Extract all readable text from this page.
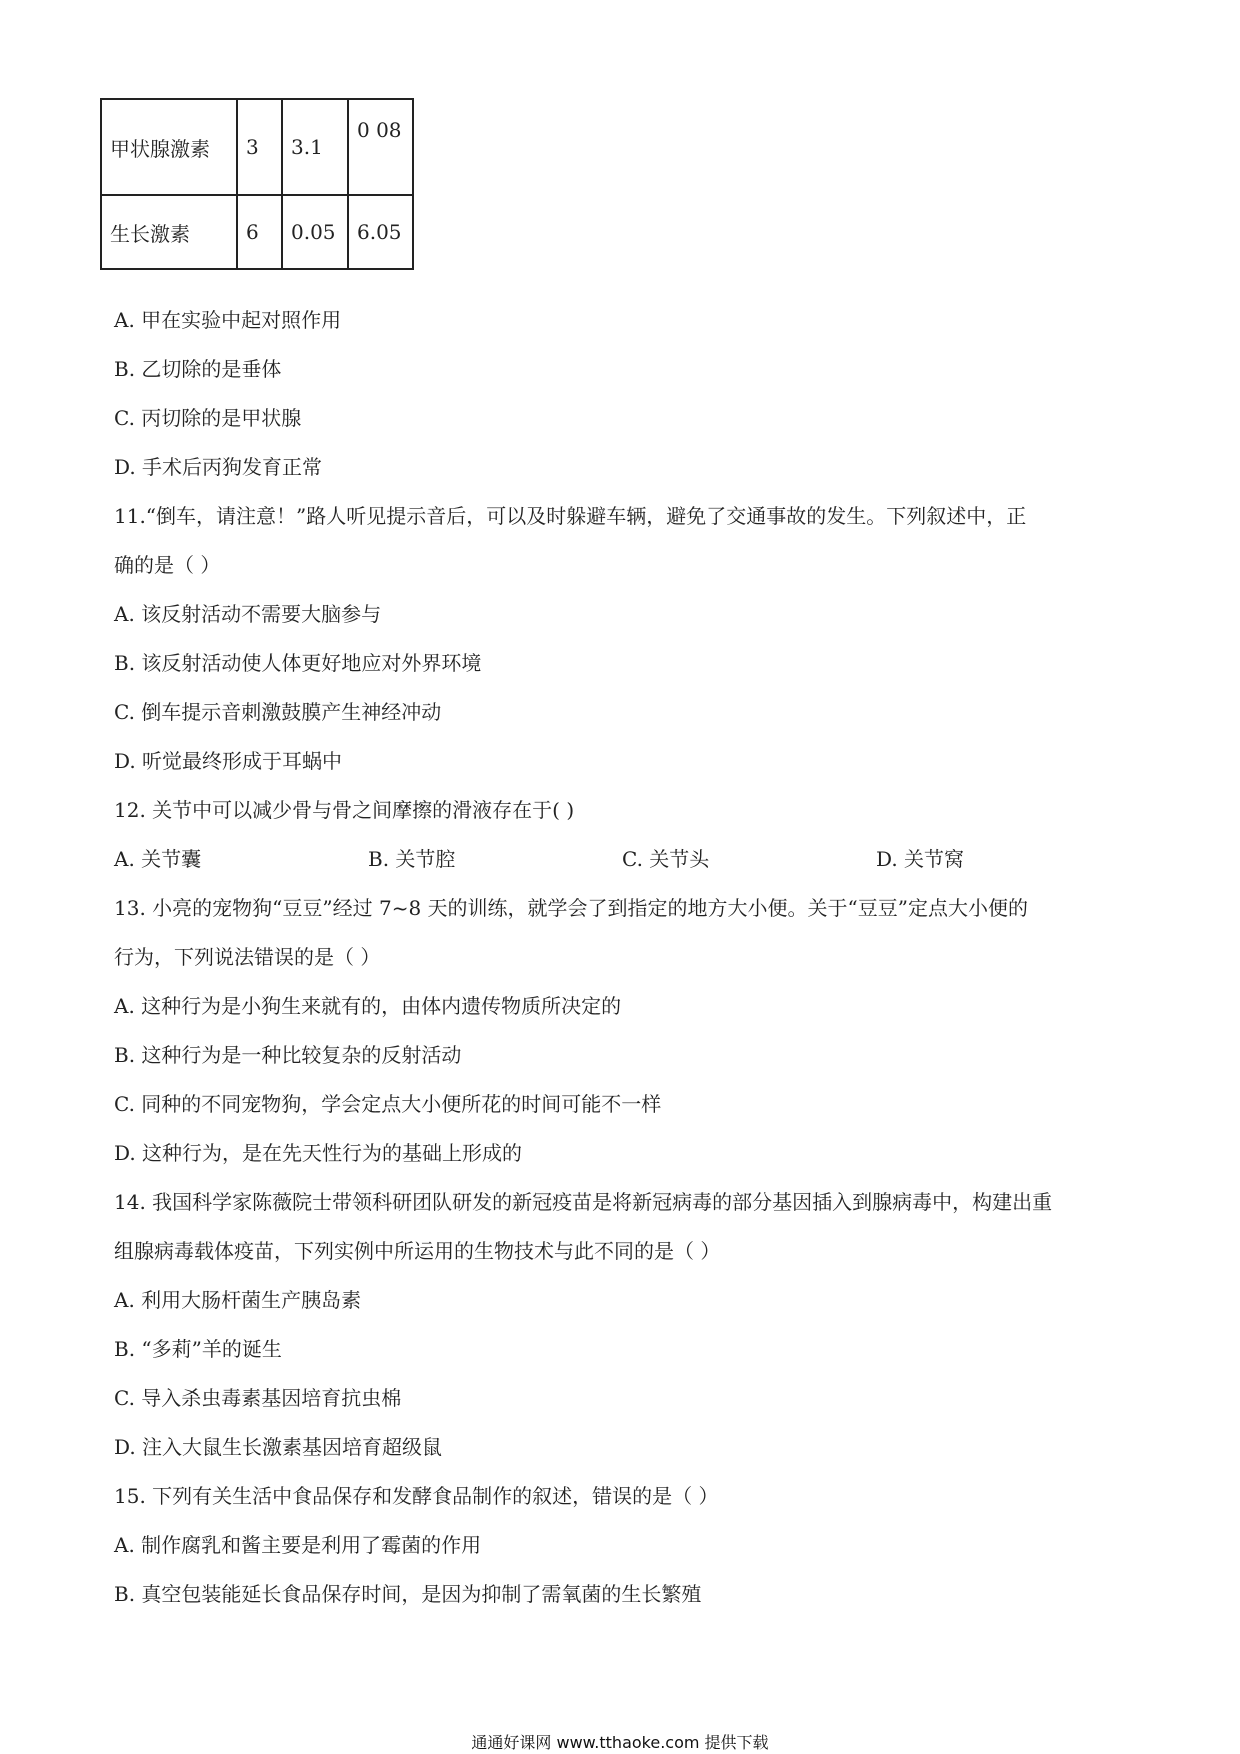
甲状腺激素	3	3.1	0 08
生长激素	6	0.05	6.05
A. 甲在实验中起对照作用
B. 乙切除的是垂体
C. 丙切除的是甲状腺
D. 手术后丙狗发育正常
11.“倒车，请注意！”路人听见提示音后，可以及时躲避车辆，避免了交通事故的发生。下列叙述中，正
确的是（ ）
A. 该反射活动不需要大脑参与
B. 该反射活动使人体更好地应对外界环境
C. 倒车提示音刺激鼓膜产生神经冲动
D. 听觉最终形成于耳蜗中
12. 关节中可以减少骨与骨之间摩擦的滑液存在于( )
A. 关节囊	B. 关节腔	C. 关节头	D. 关节窝
13. 小亮的宠物狗“豆豆”经过 7~8 天的训练，就学会了到指定的地方大小便。关于“豆豆”定点大小便的
行为，下列说法错误的是（ ）
A. 这种行为是小狗生来就有的，由体内遗传物质所决定的
B. 这种行为是一种比较复杂的反射活动
C. 同种的不同宠物狗，学会定点大小便所花的时间可能不一样
D. 这种行为，是在先天性行为的基础上形成的
14. 我国科学家陈薇院士带领科研团队研发的新冠疫苗是将新冠病毒的部分基因插入到腺病毒中，构建出重
组腺病毒载体疫苗，下列实例中所运用的生物技术与此不同的是（ ）
A. 利用大肠杆菌生产胰岛素
B. “多莉”羊的诞生
C. 导入杀虫毒素基因培育抗虫棉
D. 注入大鼠生长激素基因培育超级鼠
15. 下列有关生活中食品保存和发酵食品制作的叙述，错误的是（ ）
A. 制作腐乳和酱主要是利用了霉菌的作用
B. 真空包装能延长食品保存时间，是因为抑制了需氧菌的生长繁殖
通通好课网 www.tthaoke.com 提供下载
